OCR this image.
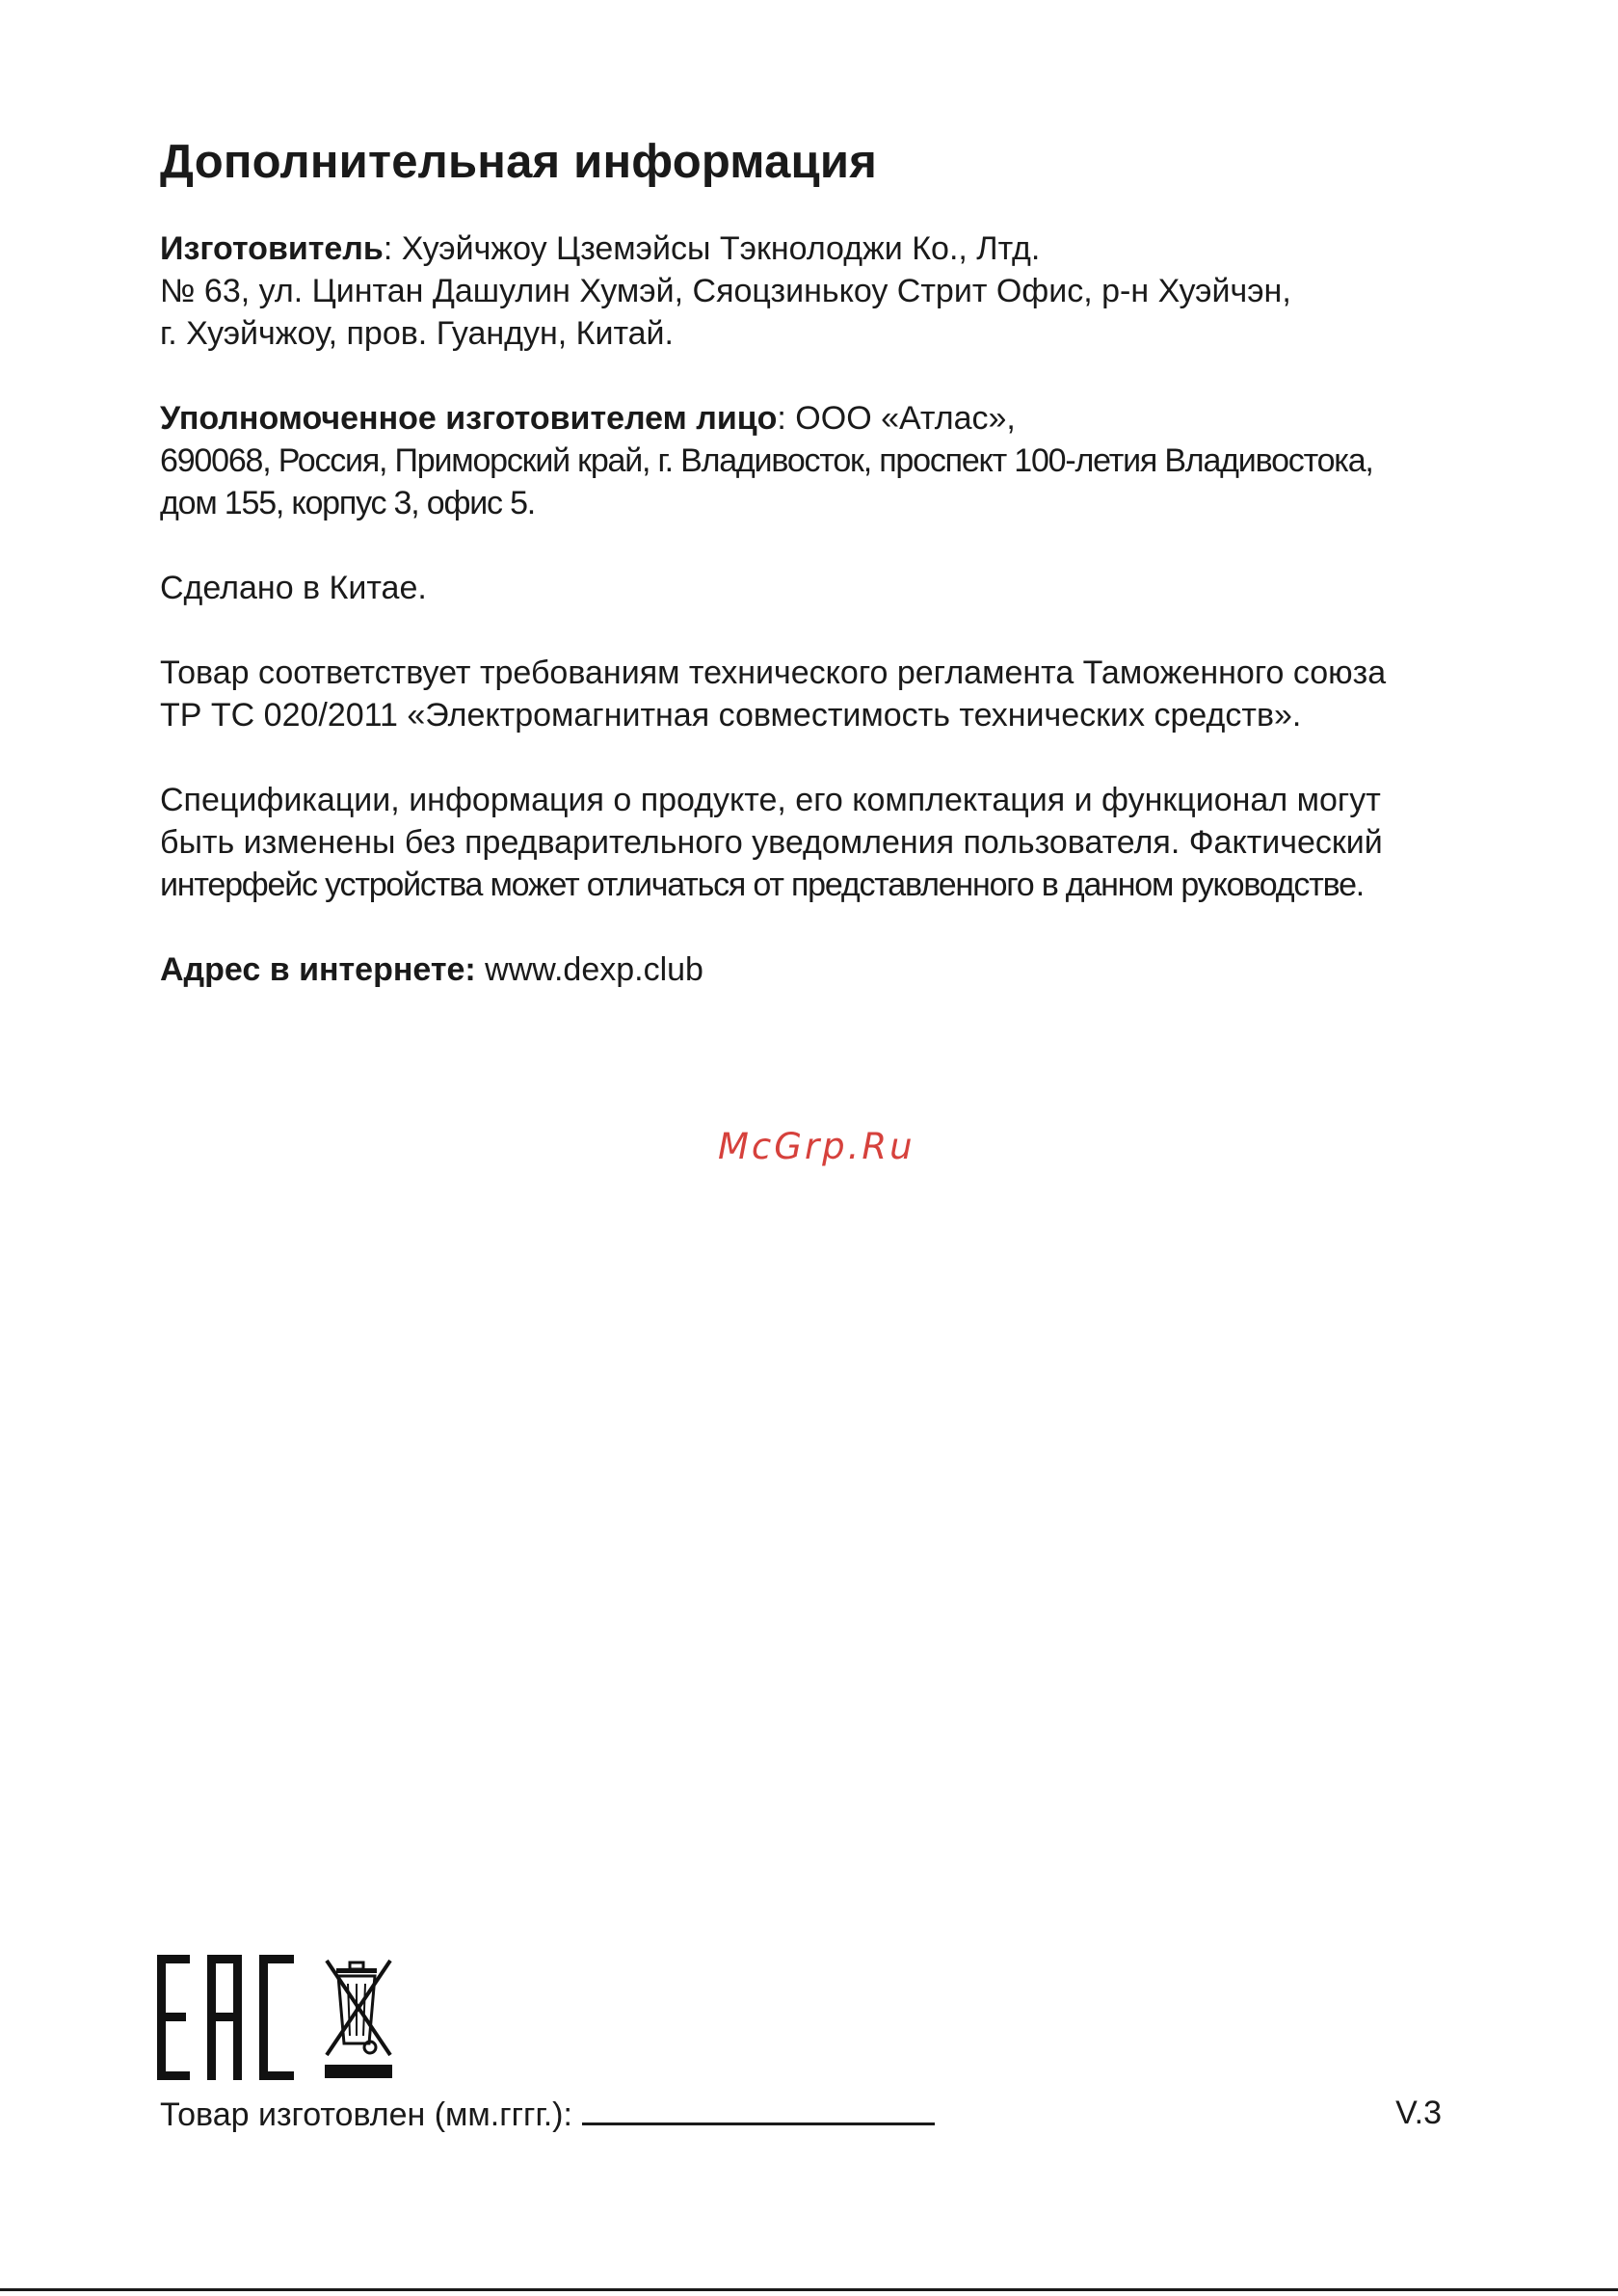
Дополнительная информация

Изготовитель: Хуэйчжоу Цземэйсы Тэкнолоджи Ко., Лтд.
№ 63, ул. Цинтан Дашулин Хумэй, Сяоцзинькоу Стрит Офис, р-н Хуэйчэн,
г. Хуэйчжоу, пров. Гуандун, Китай.

Уполномоченное изготовителем лицо: ООО «Атлас»,
690068, Россия, Приморский край, г. Владивосток, проспект 100-летия Владивостока,
дом 155, корпус 3, офис 5.

Сделано в Китае.

Товар соответствует требованиям технического регламента Таможенного союза
ТР ТС 020/2011 «Электромагнитная совместимость технических средств».

Спецификации, информация о продукте, его комплектация и функционал могут
быть изменены без предварительного уведомления пользователя. Фактический
интерфейс устройства может отличаться от представленного в данном руководстве.

Адрес в интернете: www.dexp.club

McGrp.Ru
Товар изготовлен (мм.гггг.):	V.3
